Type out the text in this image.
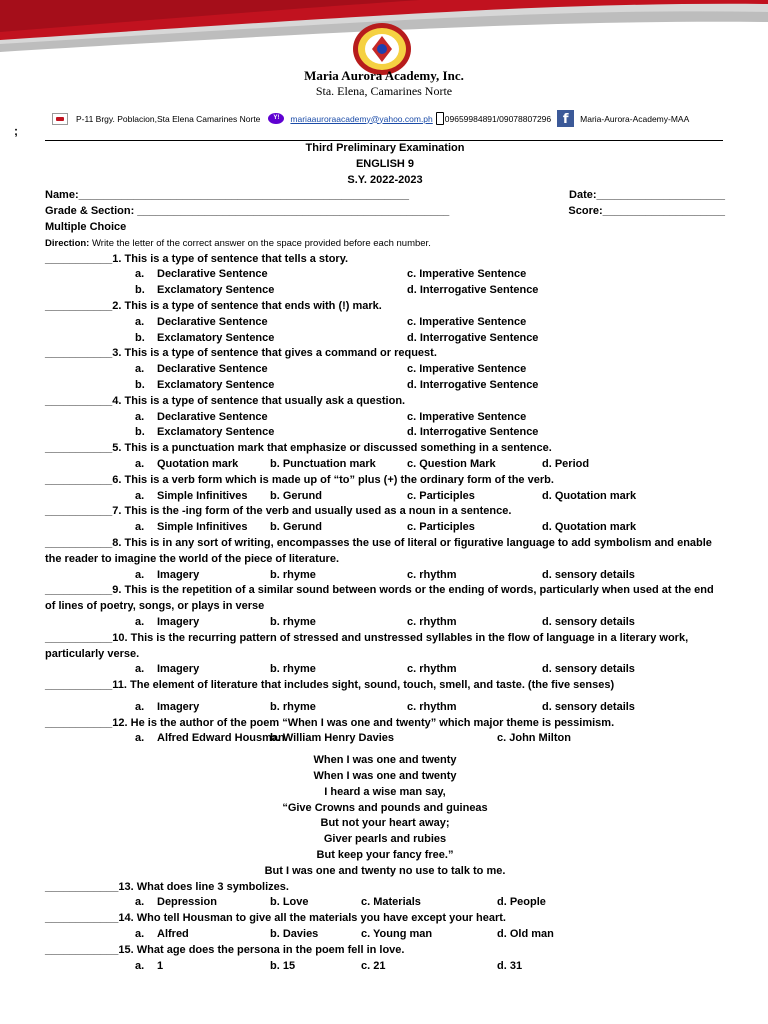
Maria Aurora Academy, Inc.
Sta. Elena, Camarines Norte
P-11 Brgy. Poblacion,Sta Elena Camarines Norte	Y!	mariaauroraacademy@yahoo.com.ph 09659984891/09078807296 f	Maria-Aurora-Academy-MAA
;
Third Preliminary Examination
ENGLISH 9
S.Y. 2022-2023
Name:______________________________________________________	Date:_____________________
Grade & Section: ___________________________________________________	Score:____________________
Multiple Choice
Direction: Write the letter of the correct answer on the space provided before each number.
___________1. This is a type of sentence that tells a story.
a. Declarative Sentence	c. Imperative Sentence
b. Exclamatory Sentence	d. Interrogative Sentence
___________2. This is a type of sentence that ends with (!) mark.
a. Declarative Sentence	c. Imperative Sentence
b. Exclamatory Sentence	d. Interrogative Sentence
___________3. This is a type of sentence that gives a command or request.
a. Declarative Sentence	c. Imperative Sentence
b. Exclamatory Sentence	d. Interrogative Sentence
___________4. This is a type of sentence that usually ask a question.
a. Declarative Sentence	c. Imperative Sentence
b. Exclamatory Sentence	d. Interrogative Sentence
___________5. This is a punctuation mark that emphasize or discussed something in a sentence.
a. Quotation mark	b. Punctuation mark	c. Question Mark	d. Period
___________6. This is a verb form which is made up of “to” plus (+) the ordinary form of the verb.
a. Simple Infinitives b. Gerund	c. Participles	d. Quotation mark
___________7. This is the -ing form of the verb and usually used as a noun in a sentence.
a. Simple Infinitives b. Gerund	c. Participles	d. Quotation mark
___________8. This is in any sort of writing, encompasses the use of literal or figurative language to add symbolism and enable the reader to imagine the world of the piece of literature.
a. Imagery	b. rhyme	c. rhythm	d. sensory details
___________9. This is the repetition of a similar sound between words or the ending of words, particularly when used at the end of lines of poetry, songs, or plays in verse
a. Imagery	b. rhyme	c. rhythm	d. sensory details
___________10. This is the recurring pattern of stressed and unstressed syllables in the flow of language in a literary work, particularly verse.
a. Imagery	b. rhyme	c. rhythm	d. sensory details
___________11. The element of literature that includes sight, sound, touch, smell, and taste. (the five senses)
a. Imagery	b. rhyme	c. rhythm	d. sensory details
___________12. He is the author of the poem “When I was one and twenty” which major theme is pessimism.
a. Alfred Edward Housman
b. William Henry Davies	c. John Milton
When I was one and twenty
When I was one and twenty
I heard a wise man say,
“Give Crowns and pounds and guineas
But not your heart away;
Giver pearls and rubies
But keep your fancy free.”
But I was one and twenty no use to talk to me.
____________13. What does line 3 symbolizes.
a. Depression	b. Love	c. Materials	d. People
____________14. Who tell Housman to give all the materials you have except your heart.
a. Alfred	b. Davies	c. Young man	d. Old man
____________15. What age does the persona in the poem fell in love.
a. 1	b. 15	c. 21	d. 31
